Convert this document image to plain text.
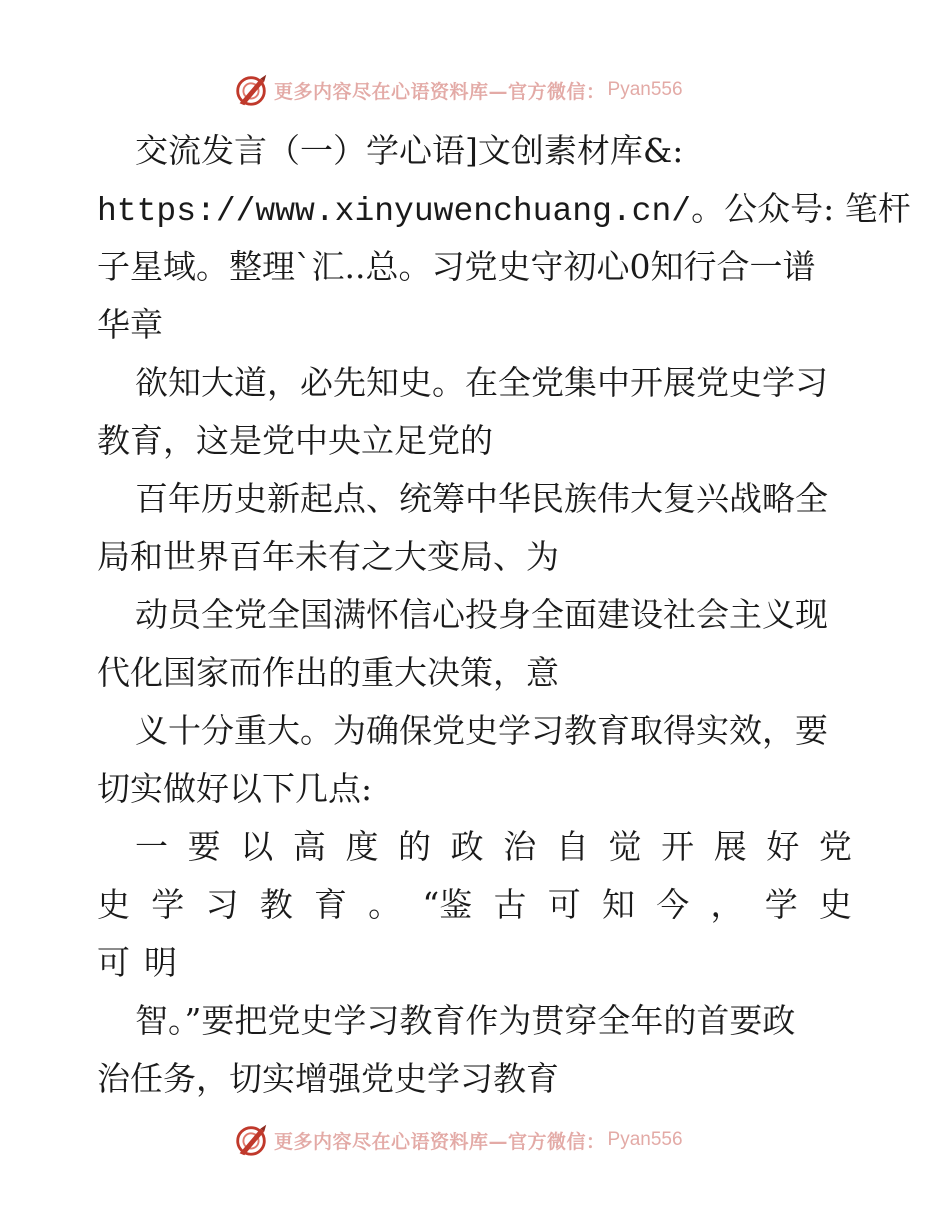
更多内容尽在心语资料库—官方微信： Pyan556
交流发言（一）学心语]文创素材库&:
https://www.xinyuwenchuang.cn/。公众号: 笔杆
子星域。整理`汇..总。习党史守初心0知行合一谱
华章
欲知大道，必先知史。在全党集中开展党史学习
教育，这是党中央立足党的
百年历史新起点、统筹中华民族伟大复兴战略全
局和世界百年未有之大变局、为
动员全党全国满怀信心投身全面建设社会主义现
代化国家而作出的重大决策，意
义十分重大。为确保党史学习教育取得实效，要
切实做好以下几点:
一 要 以 高 度 的 政 治 自 觉 开 展 好 党
史 学 习 教 育 。 “鉴 古 可 知 今 ， 学 史
可 明
智。”要把党史学习教育作为贯穿全年的首要政
治任务，切实增强党史学习教育
更多内容尽在心语资料库—官方微信： Pyan556
